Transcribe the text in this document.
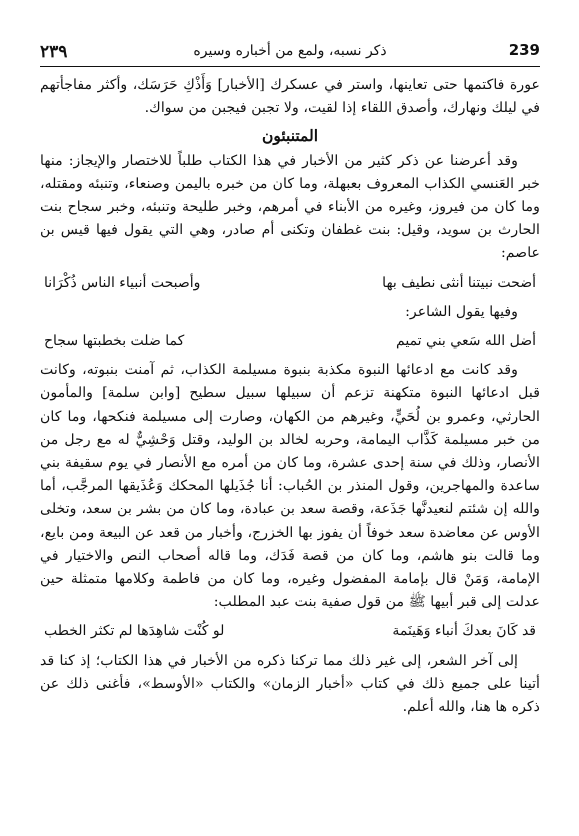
٢٣٩	ذكر نسبه، ولمع من أخباره وسيره	239

عورة فاكتمها حتى تعاينها، واستر في عسكرك [الأخبار] وَأَذْكِ حَرَسَك، وأكثر مفاجأتهم في ليلك ونهارك، وأصدق اللقاء إذا لقيت، ولا تجبن فيجبن من سواك.

المتنبئون

وقد أعرضنا عن ذكر كثير من الأخبار في هذا الكتاب طلباً للاختصار والإيجاز: منها خبر العَنسي الكذاب المعروف بعبهلة، وما كان من خبره باليمن وصنعاء، وتنبئه ومقتله، وما كان من فيروز، وغيره من الأبناء في أمرهم، وخبر طليحة وتنبئه، وخبر سجاح بنت الحارث بن سويد، وقيل: بنت غطفان وتكنى أم صادر، وهي التي يقول فيها قيس بن عاصم:

أضحت نبيتنا أنثى نطيف بها
وأصبحت أنبياء الناس ذُكْرَانا

وفيها يقول الشاعر:

أضل الله سَعي بني تميم
كما ضلت بخطبتها سجاح

وقد كانت مع ادعائها النبوة مكذبة بنبوة مسيلمة الكذاب، ثم آمنت بنبوته، وكانت قبل ادعائها النبوة متكهنة تزعم أن سبيلها سبيل سطيح [وابن سلمة] والمأمون الحارثي، وعمرو بن لُحَيٍّ، وغيرهم من الكهان، وصارت إلى مسيلمة فنكحها، وما كان من خبر مسيلمة كَذَّاب اليمامة، وحربه لخالد بن الوليد، وقتل وَحْشِيٌّ له مع رجل من الأنصار، وذلك في سنة إحدى عشرة، وما كان من أمره مع الأنصار في يوم سقيفة بني ساعدة والمهاجرين، وقول المنذر بن الحُباب: أنا جُذَيلها المحكك وَعُذَيقها المرجَّب، أما والله إن شئتم لنعيدنَّها جَذَعة، وقصة سعد بن عبادة، وما كان من بشر بن سعد، وتخلى الأوس عن معاضدة سعد خوفاً أن يفوز بها الخزرج، وأخبار من قعد عن البيعة ومن بايع، وما قالت بنو هاشم، وما كان من قصة فَدَك، وما قاله أصحاب النص والاختيار في الإمامة، وَمَنْ قال بإمامة المفضول وغيره، وما كان من فاطمة وكلامها متمثلة حين عدلت إلى قبر أبيها ﷺ من قول صفية بنت عبد المطلب:

قد كَانَ بعدكَ أنباء وَهَينَمة
لو كُنْت شاهِدَها لم تكثر الخطب

إلى آخر الشعر، إلى غير ذلك مما تركنا ذكره من الأخبار في هذا الكتاب؛ إذ كنا قد أتينا على جميع ذلك في كتاب «أخبار الزمان» والكتاب «الأوسط»، فأغنى ذلك عن ذكره ها هنا، والله أعلم.
